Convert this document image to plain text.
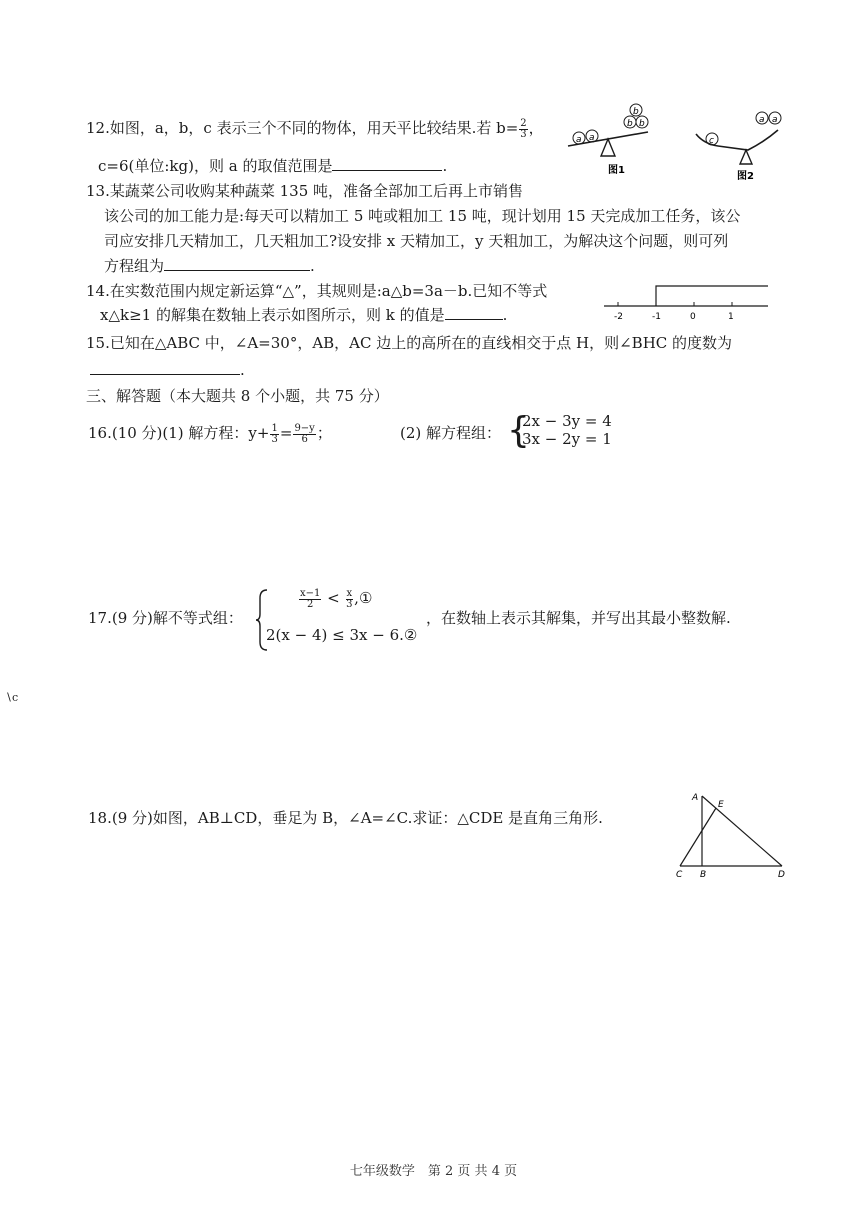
12.如图，a，b，c 表示三个不同的物体，用天平比较结果.若 $b= \frac{2}{3}$ ，
c=6(单位:kg)，则 a 的取值范围是	.
a a
b b
b
图1
c
a a
图2
13.某蔬菜公司收购某种蔬菜 135 吨，准备全部加工后再上市销售
该公司的加工能力是:每天可以精加工 5 吨或粗加工 15 吨，现计划用 15 天完成加工任务，该公
司应安排几天精加工，几天粗加工?设安排 x 天精加工，y 天粗加工，为解决这个问题，则可列
方程组为	.
14.在实数范围内规定新运算“△”，其规则是:a△b=3a－b.已知不等式
x△k≥1 的解集在数轴上表示如图所示，则 k 的值是	.	-2	-1	0	1
15.已知在△ABC 中，∠A=30°，AB，AC 边上的高所在的直线相交于点 H，则∠BHC 的度数为
.
三、解答题（本大题共 8 个小题，共 75 分）
16.(10 分)(1) 解方程：$y+ \frac{1}{3} = \frac{9-y}{6}$ ；	(2) 解方程组： {
2x − 3y = 4
3x − 2y = 1
17.(9 分)解不等式组：
$\frac{x-1}{2} < \frac{x}{3}$ ,①
2(x − 4) ≤ 3x − 6.②
，在数轴上表示其解集，并写出其最小整数解.
∖c
18.(9 分)如图，AB⊥CD，垂足为 B，∠A=∠C.求证：△CDE 是直角三角形.
A
E
C B	D
七年级数学　第 2 页 共 4 页
